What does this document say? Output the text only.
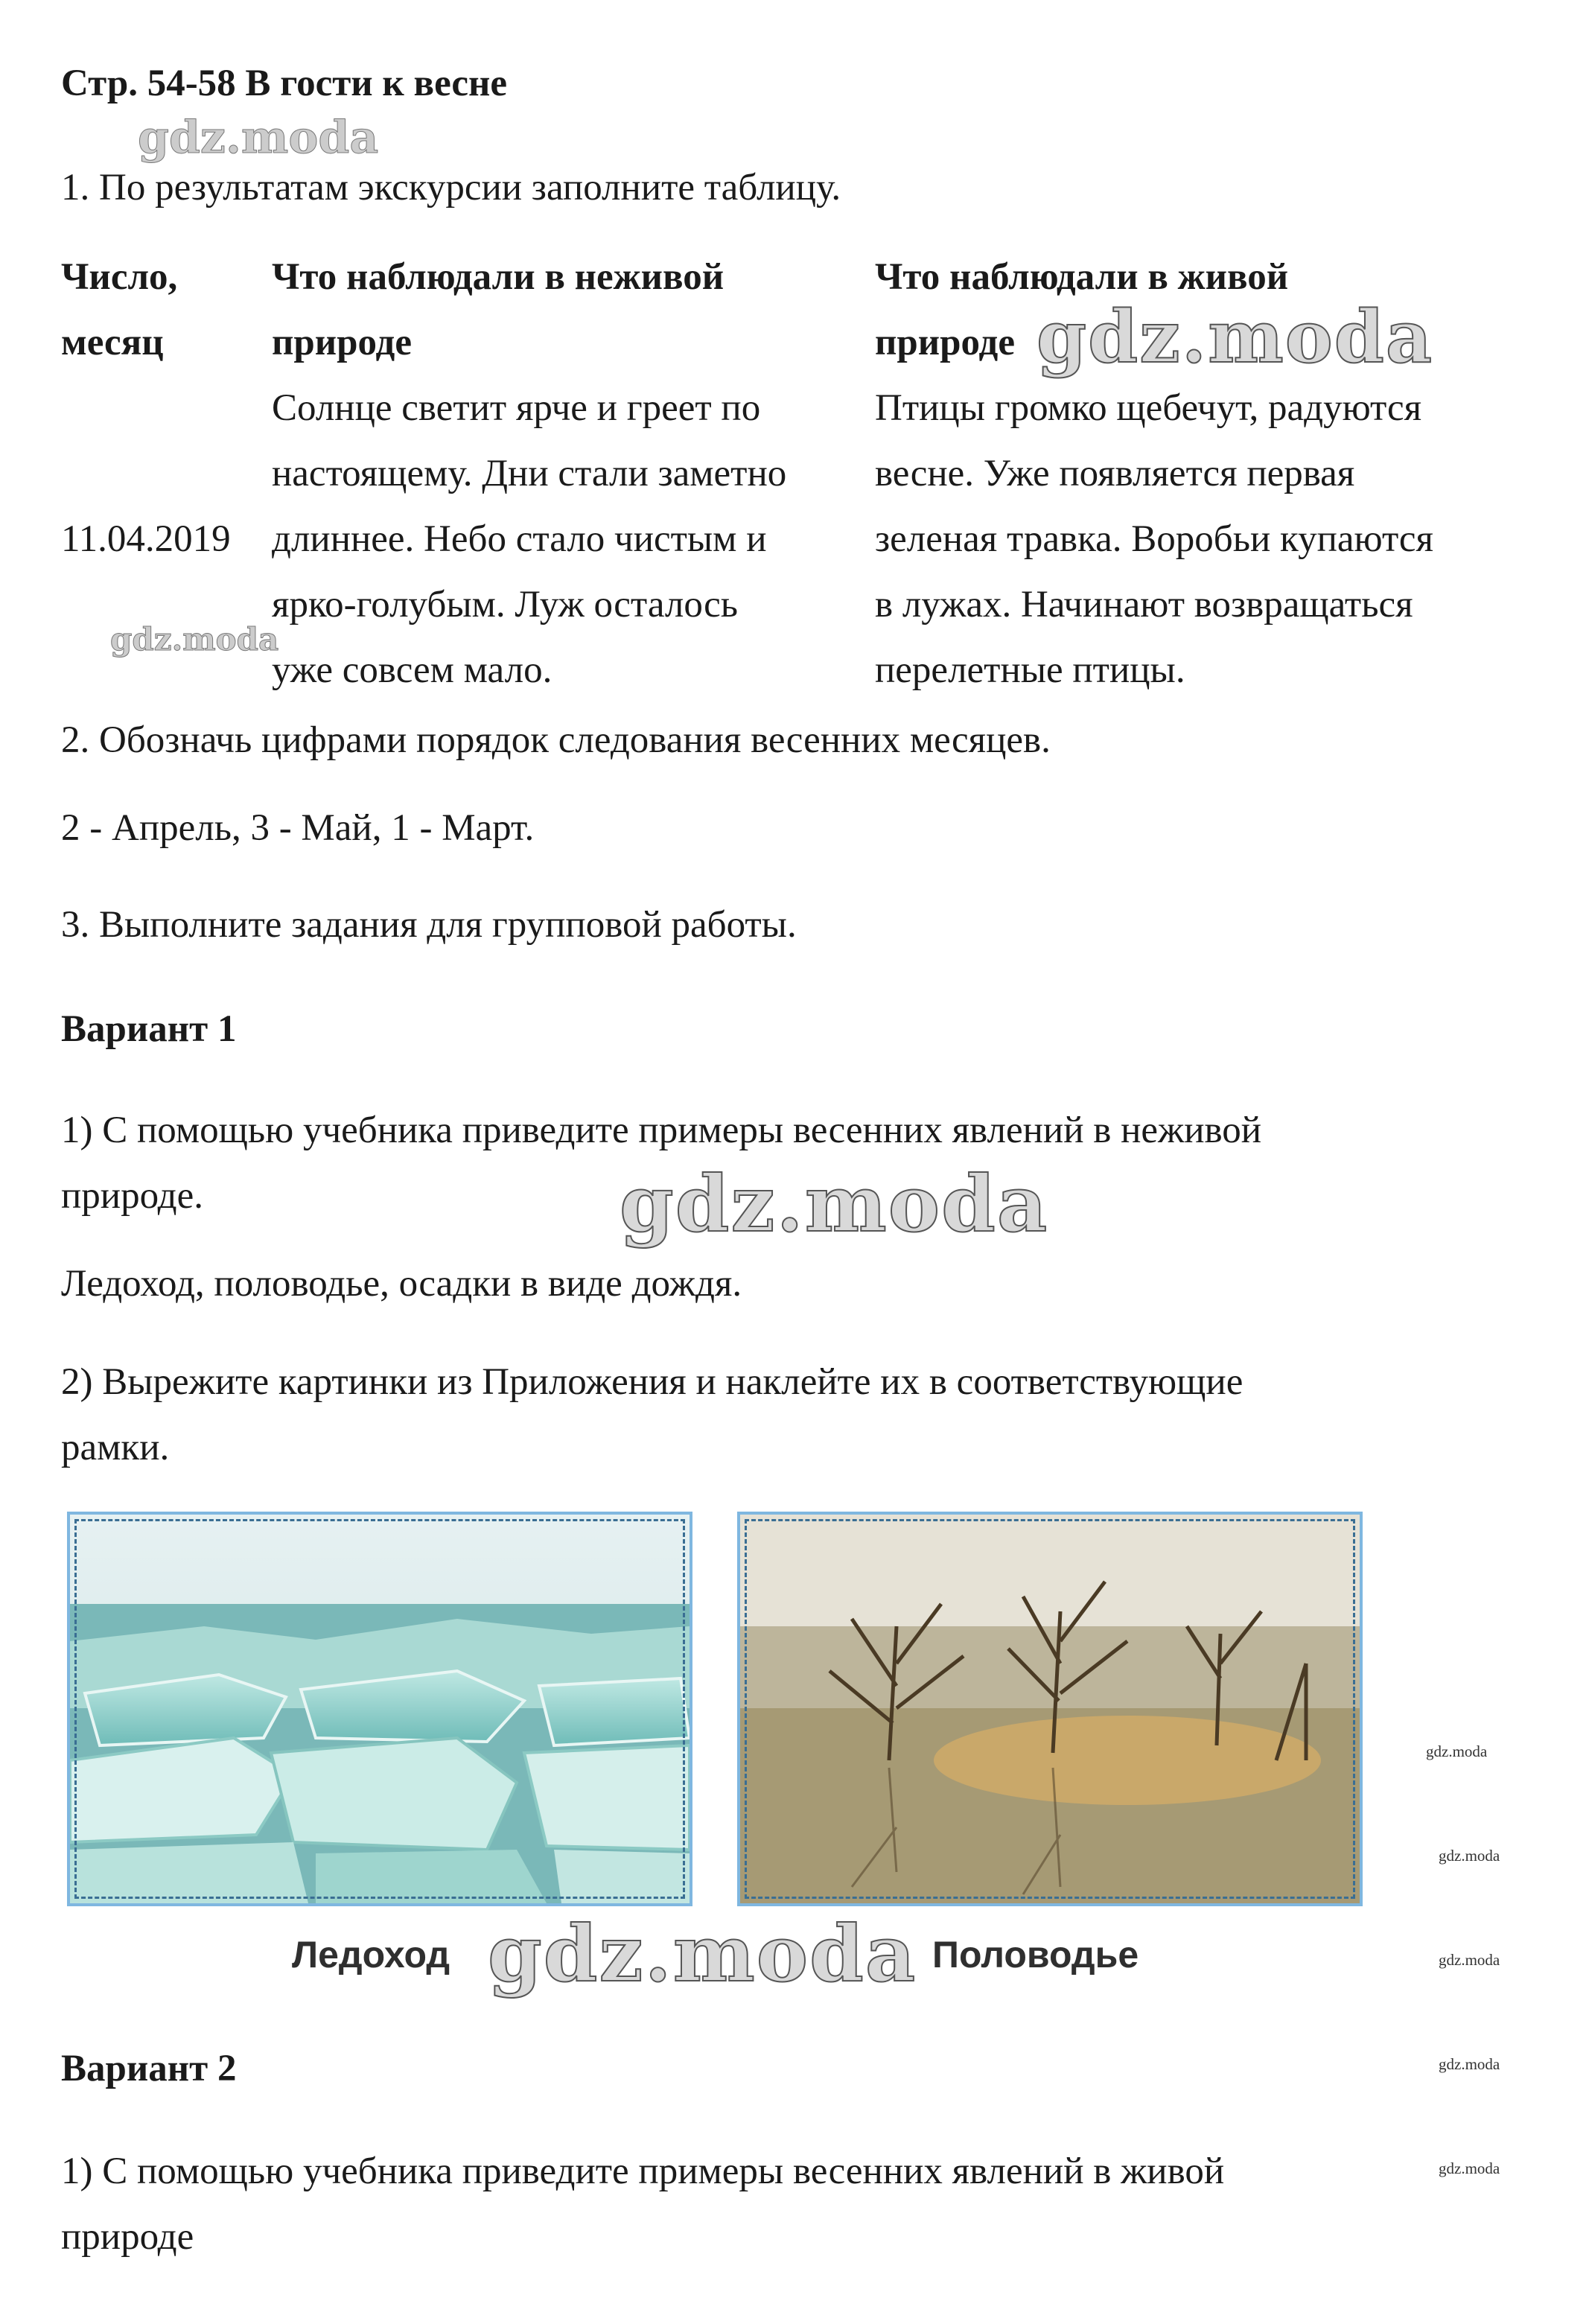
Стр. 54-58 В гости к весне
gdz.moda
1. По результатам экскурсии заполните таблицу.
Число,
месяц
Что наблюдали в неживой
природе
Что наблюдали в живой
природе gdz.moda
11.04.2019
Солнце светит ярче и греет по
настоящему. Дни стали заметно
длиннее. Небо стало чистым и
ярко-голубым. Луж осталось
уже совсем мало.
Птицы громко щебечут, радуются
весне. Уже появляется первая
зеленая травка. Воробьи купаются
в лужах. Начинают возвращаться
перелетные птицы.
gdz.moda
2. Обозначь цифрами порядок следования весенних месяцев.
2 - Апрель, 3 - Май, 1 - Март.
3. Выполните задания для групповой работы.
Вариант 1
1) С помощью учебника приведите примеры весенних явлений в неживой
природе.	gdz.moda
Ледоход, половодье, осадки в виде дождя.
2) Вырежите картинки из Приложения и наклейте их в соответствующие
рамки.
Ледоход	Половодье
gdz.moda
gdz.moda
gdz.moda
gdz.moda
gdz.moda
gdz.moda
Вариант 2
1) С помощью учебника приведите примеры весенних явлений в живой
природе
